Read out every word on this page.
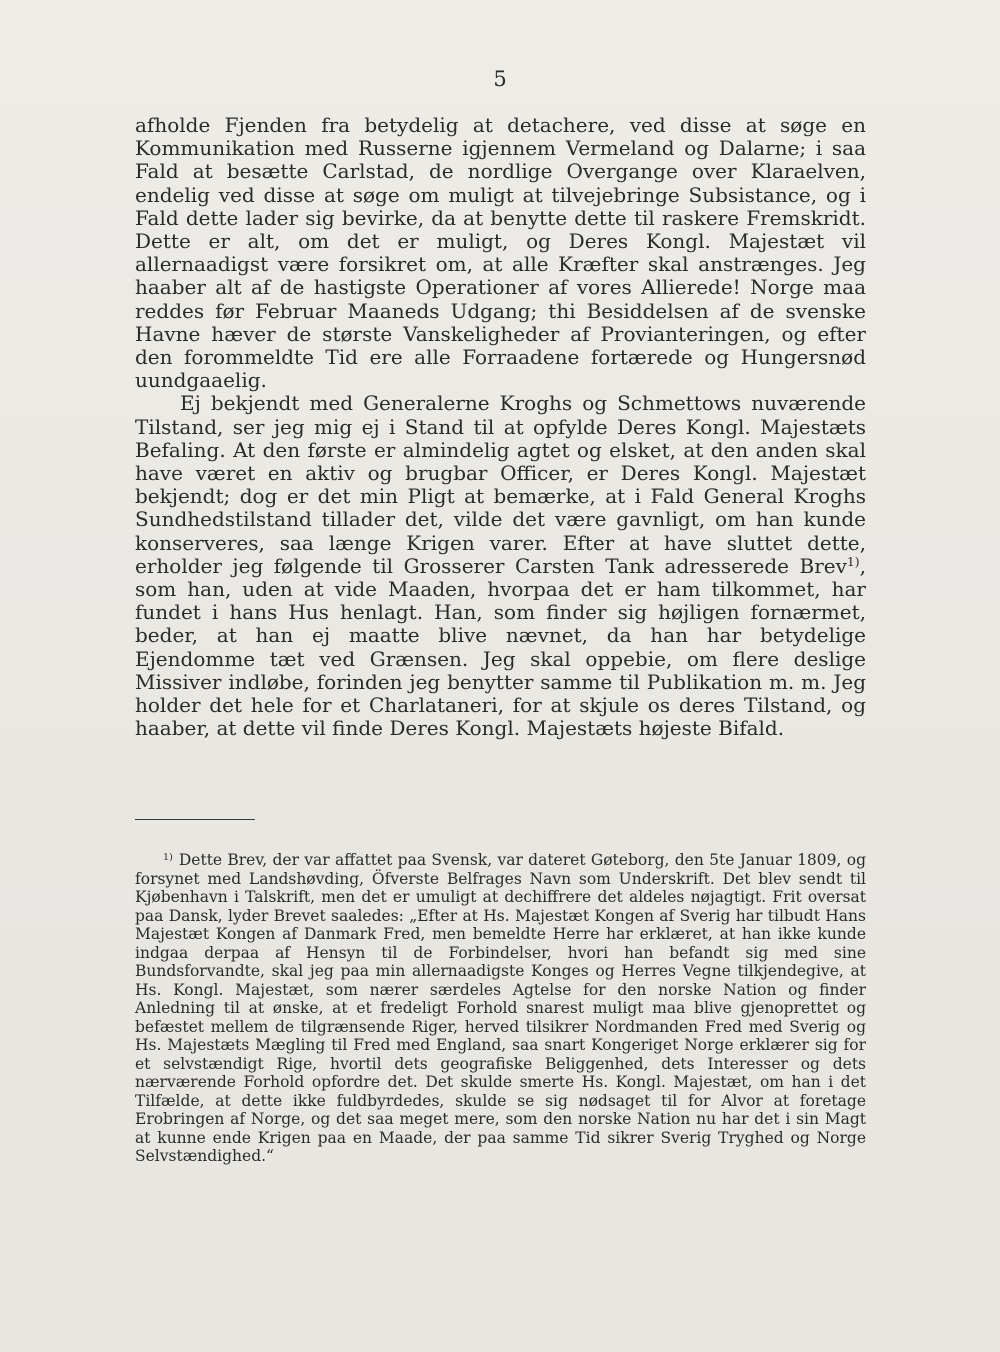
5

afholde Fjenden fra betydelig at detachere, ved disse at søge en Kommunikation med Russerne igjennem Vermeland og Dalarne; i saa Fald at besætte Carlstad, de nordlige Overgange over Klaraelven, endelig ved disse at søge om muligt at tilvejebringe Subsistance, og i Fald dette lader sig bevirke, da at benytte dette til raskere Fremskridt. Dette er alt, om det er muligt, og Deres Kongl. Majestæt vil allernaadigst være forsikret om, at alle Kræfter skal anstrænges. Jeg haaber alt af de hastigste Operationer af vores Allierede! Norge maa reddes før Februar Maaneds Udgang; thi Besiddelsen af de svenske Havne hæver de største Vanskeligheder af Provianteringen, og efter den forommeldte Tid ere alle Forraadene fortærede og Hungersnød uundgaaelig.

Ej bekjendt med Generalerne Kroghs og Schmettows nuværende Tilstand, ser jeg mig ej i Stand til at opfylde Deres Kongl. Majestæts Befaling. At den første er almindelig agtet og elsket, at den anden skal have været en aktiv og brugbar Officer, er Deres Kongl. Majestæt bekjendt; dog er det min Pligt at bemærke, at i Fald General Kroghs Sundhedstilstand tillader det, vilde det være gavnligt, om han kunde konserveres, saa længe Krigen varer. Efter at have sluttet dette, erholder jeg følgende til Grosserer Carsten Tank adresserede Brev$^{1)}$, som han, uden at vide Maaden, hvorpaa det er ham tilkommet, har fundet i hans Hus henlagt. Han, som finder sig højligen fornærmet, beder, at han ej maatte blive nævnet, da han har betydelige Ejendomme tæt ved Grænsen. Jeg skal oppebie, om flere deslige Missiver indløbe, forinden jeg benytter samme til Publikation m. m. Jeg holder det hele for et Charlataneri, for at skjule os deres Tilstand, og haaber, at dette vil finde Deres Kongl. Majestæts højeste Bifald.

$^{1)}$ Dette Brev, der var affattet paa Svensk, var dateret Gøteborg, den 5te Januar 1809, og forsynet med Landshøvding, Öfverste Belfrages Navn som Underskrift. Det blev sendt til Kjøbenhavn i Talskrift, men det er umuligt at dechiffrere det aldeles nøjagtigt. Frit oversat paa Dansk, lyder Brevet saaledes: „Efter at Hs. Majestæt Kongen af Sverig har tilbudt Hans Majestæt Kongen af Danmark Fred, men bemeldte Herre har erklæret, at han ikke kunde indgaa derpaa af Hensyn til de Forbindelser, hvori han befandt sig med sine Bundsforvandte, skal jeg paa min allernaadigste Konges og Herres Vegne tilkjendegive, at Hs. Kongl. Majestæt, som nærer særdeles Agtelse for den norske Nation og finder Anledning til at ønske, at et fredeligt Forhold snarest muligt maa blive gjenoprettet og befæstet mellem de tilgrænsende Riger, herved tilsikrer Nordmanden Fred med Sverig og Hs. Majestæts Mægling til Fred med England, saa snart Kongeriget Norge erklærer sig for et selvstændigt Rige, hvortil dets geografiske Beliggenhed, dets Interesser og dets nærværende Forhold opfordre det. Det skulde smerte Hs. Kongl. Majestæt, om han i det Tilfælde, at dette ikke fuldbyrdedes, skulde se sig nødsaget til for Alvor at foretage Erobringen af Norge, og det saa meget mere, som den norske Nation nu har det i sin Magt at kunne ende Krigen paa en Maade, der paa samme Tid sikrer Sverig Tryghed og Norge Selvstændighed.“
